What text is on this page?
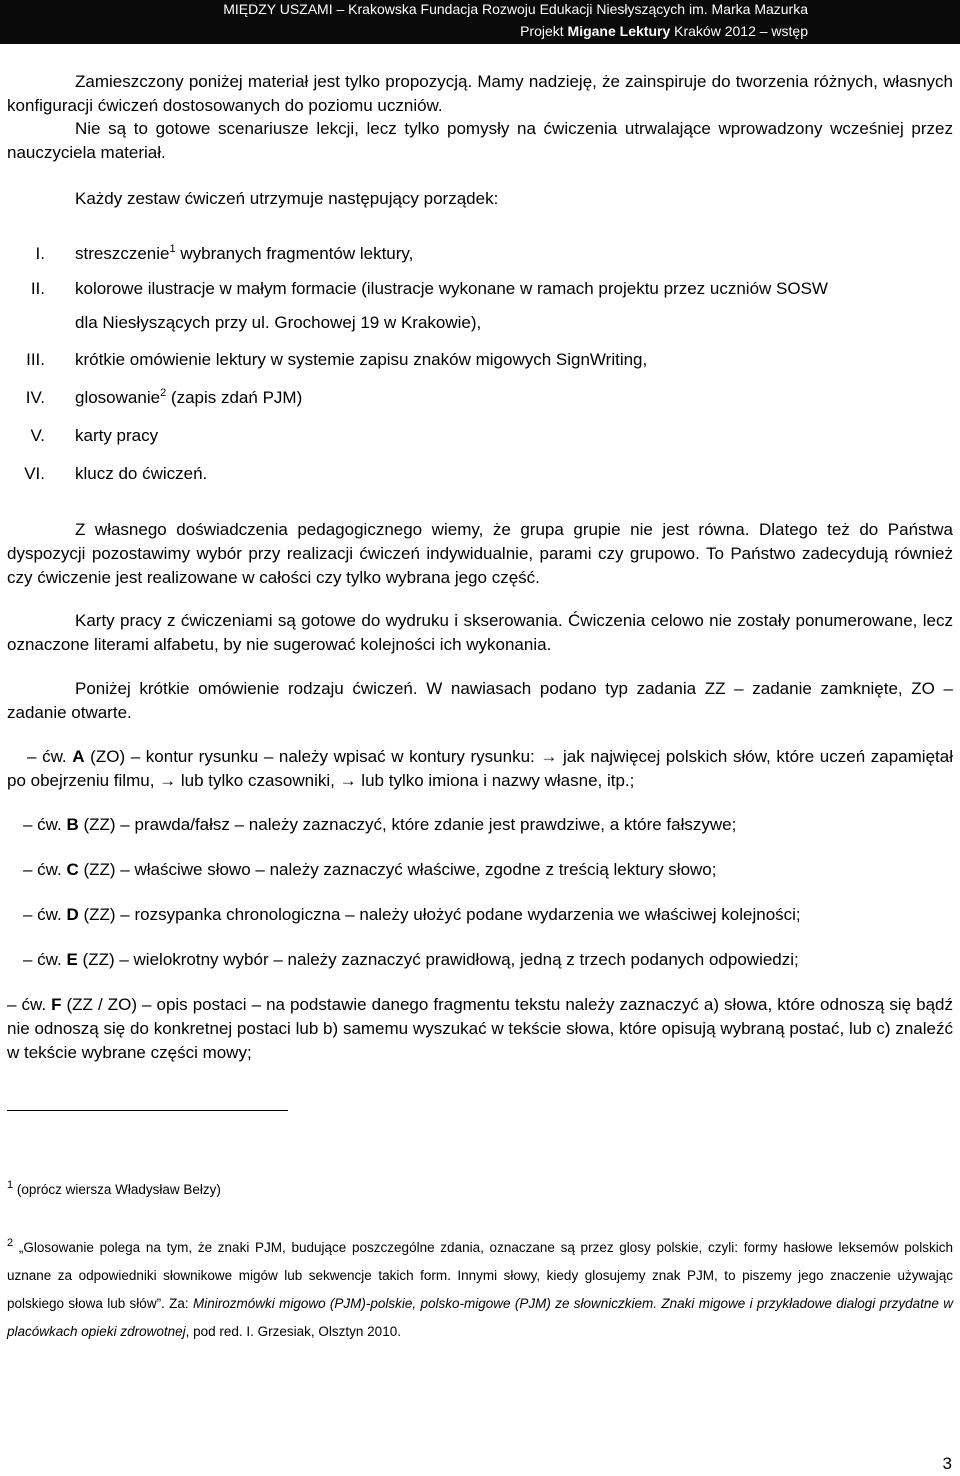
MIĘDZY USZAMI – Krakowska Fundacja Rozwoju Edukacji Niesłyszących im. Marka Mazurka
Projekt Migane Lektury Kraków 2012 – wstęp

Zamieszczony poniżej materiał jest tylko propozycją. Mamy nadzieję, że zainspiruje do tworzenia różnych, własnych konfiguracji ćwiczeń dostosowanych do poziomu uczniów.

Nie są to gotowe scenariusze lekcji, lecz tylko pomysły na ćwiczenia utrwalające wprowadzony wcześniej przez nauczyciela materiał.

Każdy zestaw ćwiczeń utrzymuje następujący porządek:

I. streszczenie$^1$ wybranych fragmentów lektury,
II. kolorowe ilustracje w małym formacie (ilustracje wykonane w ramach projektu przez uczniów SOSW
dla Niesłyszących przy ul. Grochowej 19 w Krakowie),
III. krótkie omówienie lektury w systemie zapisu znaków migowych SignWriting,
IV. glosowanie$^2$ (zapis zdań PJM)
V. karty pracy
VI. klucz do ćwiczeń.

Z własnego doświadczenia pedagogicznego wiemy, że grupa grupie nie jest równa. Dlatego też do Państwa dyspozycji pozostawimy wybór przy realizacji ćwiczeń indywidualnie, parami czy grupowo. To Państwo zadecydują również czy ćwiczenie jest realizowane w całości czy tylko wybrana jego część.

Karty pracy z ćwiczeniami są gotowe do wydruku i skserowania. Ćwiczenia celowo nie zostały ponumerowane, lecz oznaczone literami alfabetu, by nie sugerować kolejności ich wykonania.

Poniżej krótkie omówienie rodzaju ćwiczeń. W nawiasach podano typ zadania ZZ – zadanie zamknięte, ZO – zadanie otwarte.

– ćw. A (ZO) – kontur rysunku – należy wpisać w kontury rysunku: → jak najwięcej polskich słów, które uczeń zapamiętał po obejrzeniu filmu, → lub tylko czasowniki, → lub tylko imiona i nazwy własne, itp.;

– ćw. B (ZZ) – prawda/fałsz – należy zaznaczyć, które zdanie jest prawdziwe, a które fałszywe;

– ćw. C (ZZ) – właściwe słowo – należy zaznaczyć właściwe, zgodne z treścią lektury słowo;

– ćw. D (ZZ) – rozsypanka chronologiczna – należy ułożyć podane wydarzenia we właściwej kolejności;

– ćw. E (ZZ) – wielokrotny wybór – należy zaznaczyć prawidłową, jedną z trzech podanych odpowiedzi;

– ćw. F (ZZ / ZO) – opis postaci – na podstawie danego fragmentu tekstu należy zaznaczyć a) słowa, które odnoszą się bądź nie odnoszą się do konkretnej postaci lub b) samemu wyszukać w tekście słowa, które opisują wybraną postać, lub c) znaleźć w tekście wybrane części mowy;

$^1$ (oprócz wiersza Władysław Bełzy)
$^2$ „Glosowanie polega na tym, że znaki PJM, budujące poszczególne zdania, oznaczane są przez glosy polskie, czyli: formy hasłowe leksemów polskich uznane za odpowiedniki słownikowe migów lub sekwencje takich form. Innymi słowy, kiedy glosujemy znak PJM, to piszemy jego znaczenie używając polskiego słowa lub słów”. Za: Minirozmówki migowo (PJM)-polskie, polsko-migowe (PJM) ze słowniczkiem. Znaki migowe i przykładowe dialogi przydatne w placówkach opieki zdrowotnej, pod red. I. Grzesiak, Olsztyn 2010.
3
